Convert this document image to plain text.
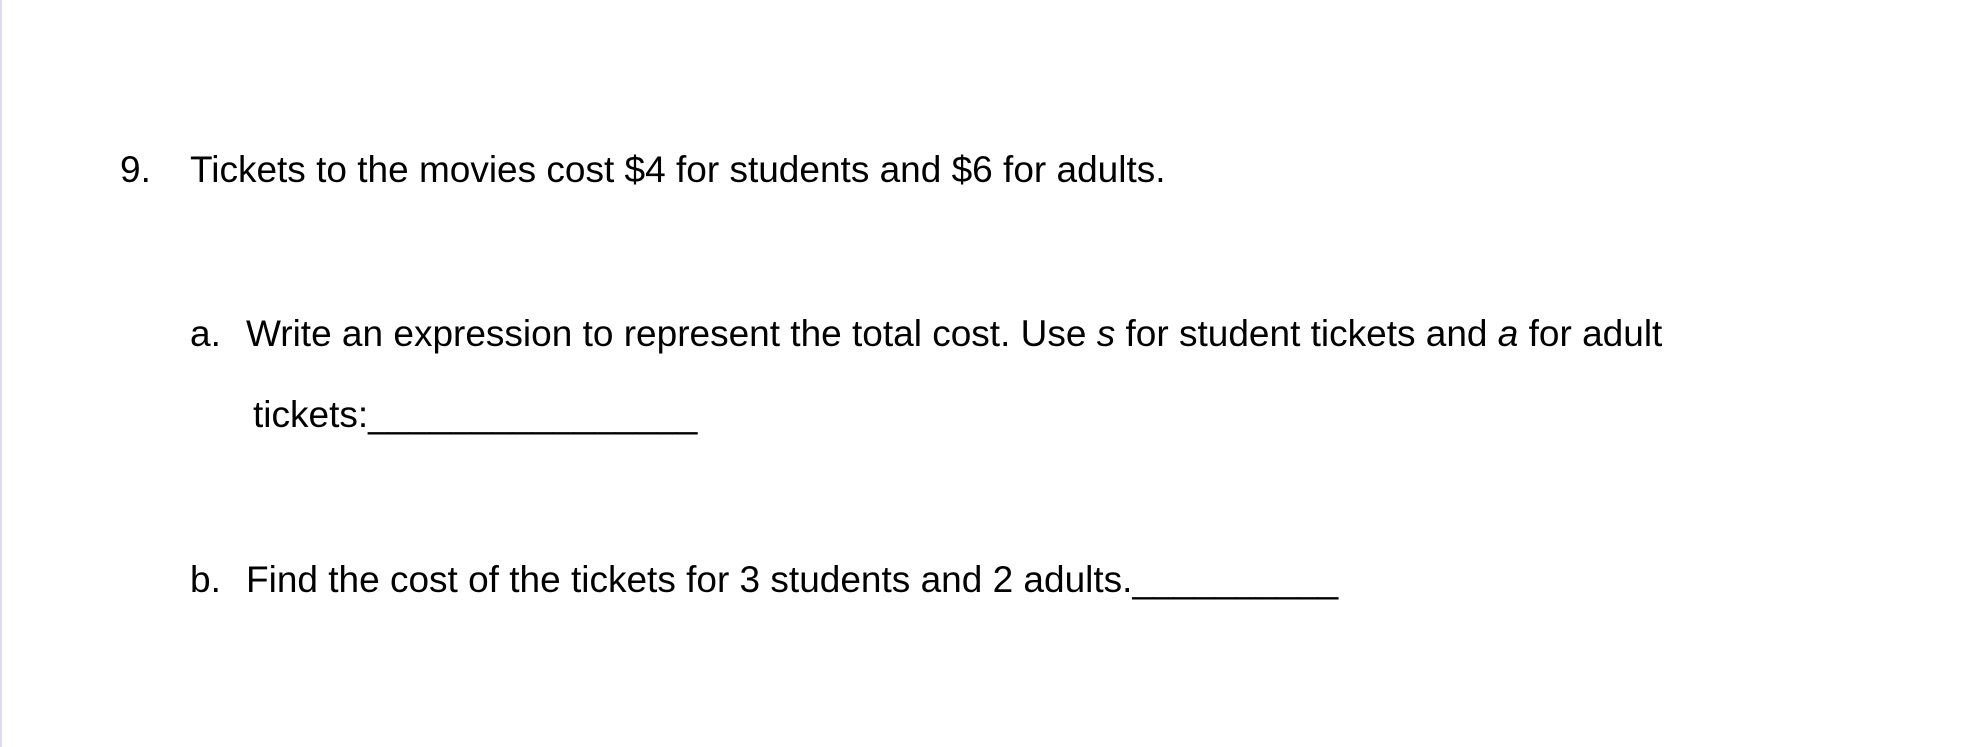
9. Tickets to the movies cost $4 for students and $6 for adults.
a. Write an expression to represent the total cost. Use s for student tickets and a for adult
tickets:________________
b. Find the cost of the tickets for 3 students and 2 adults.__________
